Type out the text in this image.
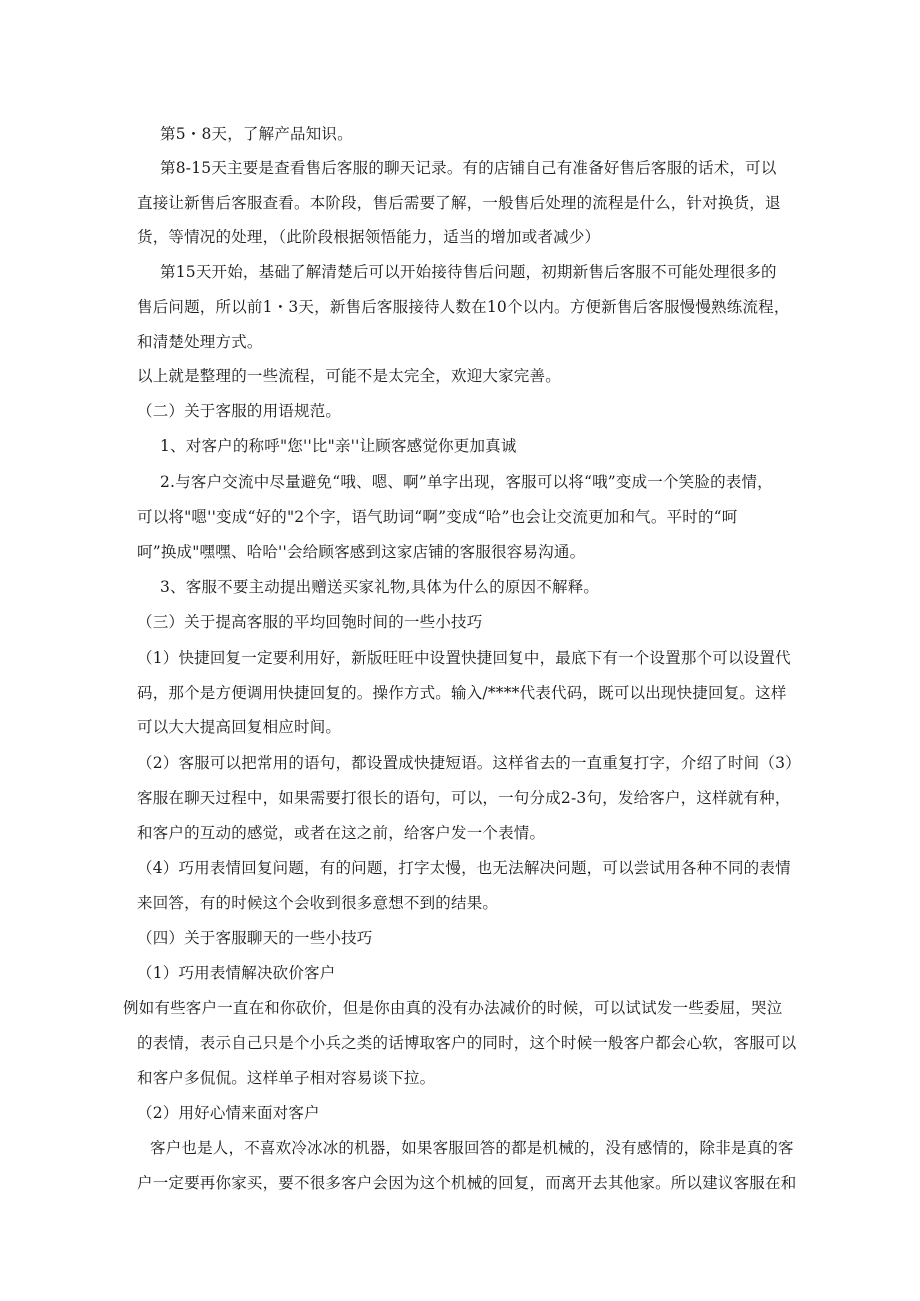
第5・8天，了解产品知识。
第8-15天主要是查看售后客服的聊天记录。有的店铺自己有准备好售后客服的话术，可以
直接让新售后客服查看。本阶段，售后需要了解，一般售后处理的流程是什么，针对换货，退
货，等情况的处理，（此阶段根据领悟能力，适当的增加或者减少）
第15天开始，基础了解清楚后可以开始接待售后问题，初期新售后客服不可能处理很多的
售后问题，所以前1・3天，新售后客服接待人数在10个以内。方便新售后客服慢慢熟练流程，
和清楚处理方式。
以上就是整理的一些流程，可能不是太完全，欢迎大家完善。
（二）关于客服的用语规范。
1、对客户的称呼"您''比"亲''让顾客感觉你更加真诚
2.与客户交流中尽量避免“哦、嗯、啊”单字出现，客服可以将“哦”变成一个笑脸的表情，
可以将"嗯''变成“好的"2个字，语气助词“啊”变成“哈”也会让交流更加和气。平时的“呵
呵”换成"嘿嘿、哈哈''会给顾客感到这家店铺的客服很容易沟通。
3、客服不要主动提出赠送买家礼物,具体为什么的原因不解释。
（三）关于提高客服的平均回匏时间的一些小技巧
（1）快捷回复一定要利用好，新版旺旺中设置快捷回复中，最底下有一个设置那个可以设置代
码，那个是方便调用快捷回复的。操作方式。输入/****代表代码，既可以出现快捷回复。这样
可以大大提高回复相应时间。
（2）客服可以把常用的语句，都设置成快捷短语。这样省去的一直重复打字，介绍了时间（3）
客服在聊天过程中，如果需要打很长的语句，可以，一句分成2-3句，发给客户，这样就有种，
和客户的互动的感觉，或者在这之前，给客户发一个表情。
（4）巧用表情回复问题，有的问题，打字太慢，也无法解决问题，可以尝试用各种不同的表情
来回答，有的时候这个会收到很多意想不到的结果。
（四）关于客服聊天的一些小技巧
（1）巧用表情解决砍价客户
例如有些客户一直在和你砍价，但是你由真的没有办法减价的时候，可以试试发一些委屈，哭泣
的表情，表示自己只是个小兵之类的话博取客户的同时，这个时候一般客户都会心软，客服可以
和客户多侃侃。这样单子相对容易谈下拉。
（2）用好心情来面对客户
客户也是人，不喜欢冷冰冰的机器，如果客服回答的都是机械的，没有感情的，除非是真的客
户一定要再你家买，要不很多客户会因为这个机械的回复，而离开去其他家。所以建议客服在和
